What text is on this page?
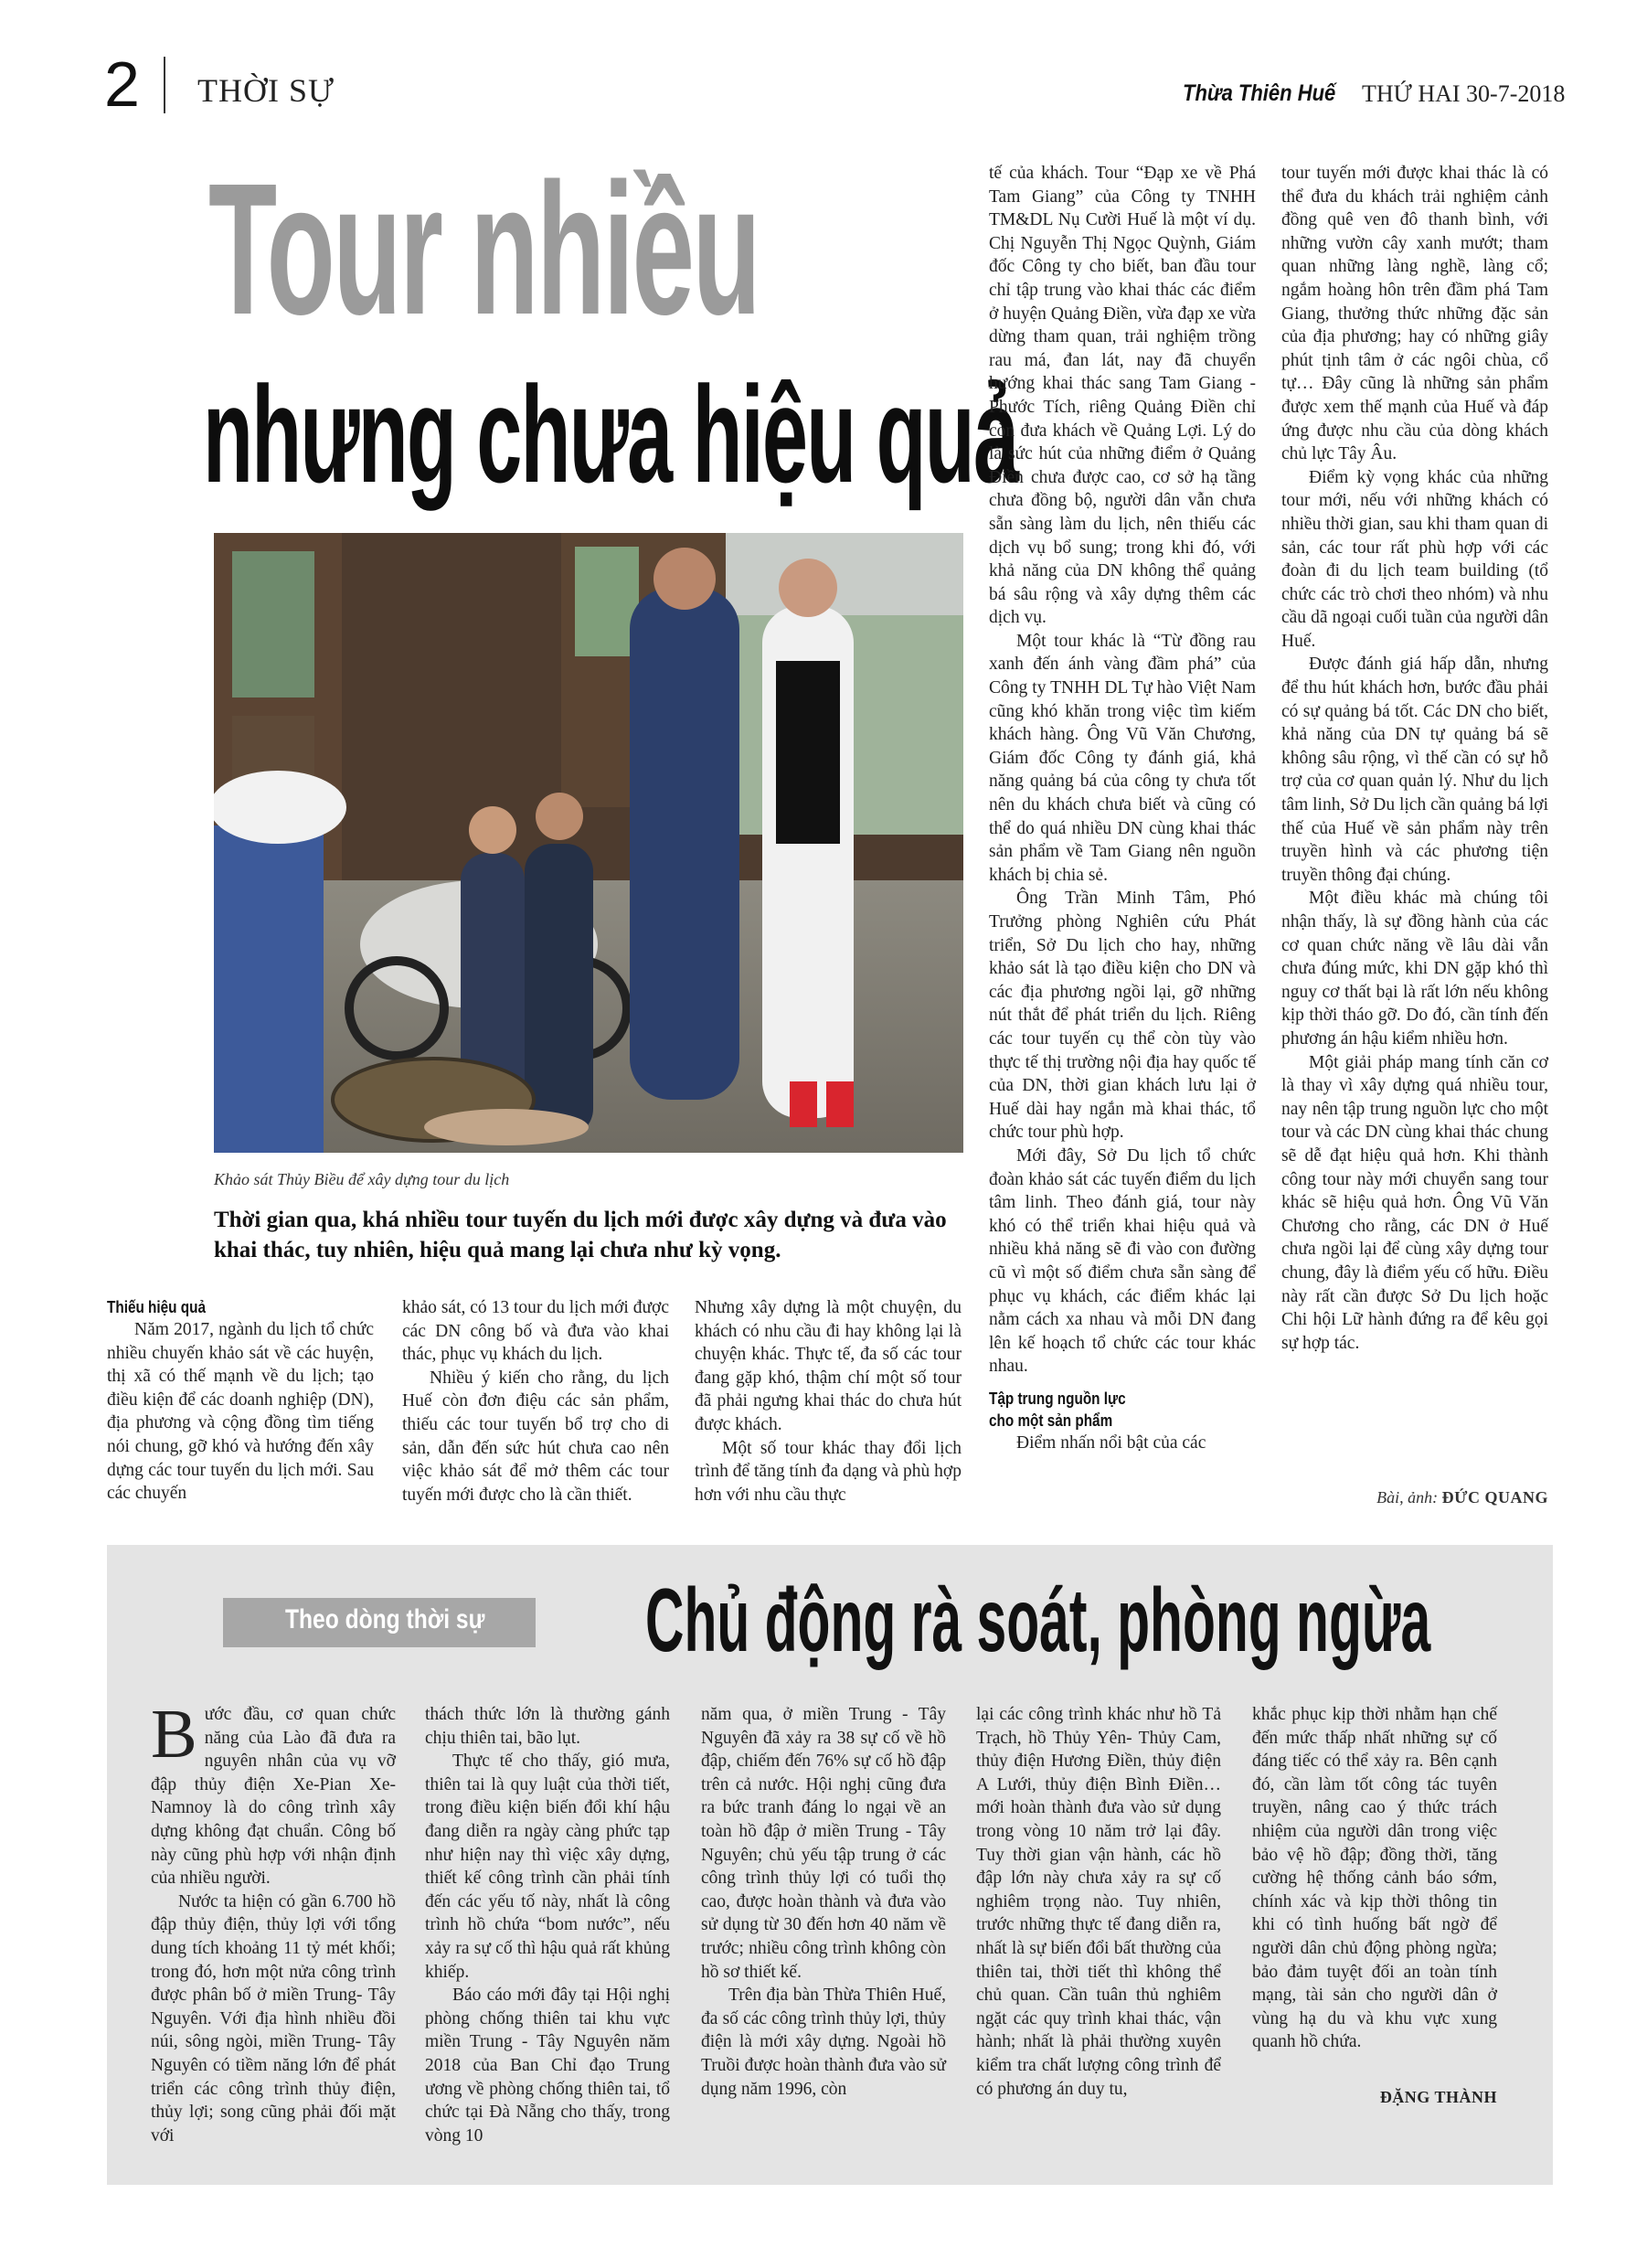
2 THỜI SỰ	Thừa Thiên Huế THỨ HAI 30-7-2018
Tour nhiều
nhưng chưa hiệu quả
Khảo sát Thủy Biều để xây dựng tour du lịch
Thời gian qua, khá nhiều tour tuyến du lịch mới được xây dựng và đưa vào khai thác, tuy nhiên, hiệu quả mang lại chưa như kỳ vọng.
Thiếu hiệu quả

Năm 2017, ngành du lịch tổ chức nhiều chuyến khảo sát về các huyện, thị xã có thế mạnh về du lịch; tạo điều kiện để các doanh nghiệp (DN), địa phương và cộng đồng tìm tiếng nói chung, gỡ khó và hướng đến xây dựng các tour tuyến du lịch mới. Sau các chuyến

khảo sát, có 13 tour du lịch mới được các DN công bố và đưa vào khai thác, phục vụ khách du lịch.

Nhiều ý kiến cho rằng, du lịch Huế còn đơn điệu các sản phẩm, thiếu các tour tuyến bổ trợ cho di sản, dẫn đến sức hút chưa cao nên việc khảo sát để mở thêm các tour tuyến mới được cho là cần thiết.

Nhưng xây dựng là một chuyện, du khách có nhu cầu đi hay không lại là chuyện khác. Thực tế, đa số các tour đang gặp khó, thậm chí một số tour đã phải ngưng khai thác do chưa hút được khách.

Một số tour khác thay đổi lịch trình để tăng tính đa dạng và phù hợp hơn với nhu cầu thực

tế của khách. Tour “Đạp xe về Phá Tam Giang” của Công ty TNHH TM&DL Nụ Cười Huế là một ví dụ. Chị Nguyễn Thị Ngọc Quỳnh, Giám đốc Công ty cho biết, ban đầu tour chỉ tập trung vào khai thác các điểm ở huyện Quảng Điền, vừa đạp xe vừa dừng tham quan, trải nghiệm trồng rau má, đan lát, nay đã chuyển hướng khai thác sang Tam Giang - Phước Tích, riêng Quảng Điền chỉ còn đưa khách về Quảng Lợi. Lý do là sức hút của những điểm ở Quảng Điền chưa được cao, cơ sở hạ tầng chưa đồng bộ, người dân vẫn chưa sẵn sàng làm du lịch, nên thiếu các dịch vụ bổ sung; trong khi đó, với khả năng của DN không thể quảng bá sâu rộng và xây dựng thêm các dịch vụ.

Một tour khác là “Từ đồng rau xanh đến ánh vàng đầm phá” của Công ty TNHH DL Tự hào Việt Nam cũng khó khăn trong việc tìm kiếm khách hàng. Ông Vũ Văn Chương, Giám đốc Công ty đánh giá, khả năng quảng bá của công ty chưa tốt nên du khách chưa biết và cũng có thể do quá nhiều DN cùng khai thác sản phẩm về Tam Giang nên nguồn khách bị chia sẻ.

Ông Trần Minh Tâm, Phó Trưởng phòng Nghiên cứu Phát triển, Sở Du lịch cho hay, những khảo sát là tạo điều kiện cho DN và các địa phương ngồi lại, gỡ những nút thắt để phát triển du lịch. Riêng các tour tuyến cụ thể còn tùy vào thực tế thị trường nội địa hay quốc tế của DN, thời gian khách lưu lại ở Huế dài hay ngắn mà khai thác, tổ chức tour phù hợp.

Mới đây, Sở Du lịch tổ chức đoàn khảo sát các tuyến điểm du lịch tâm linh. Theo đánh giá, tour này khó có thể triển khai hiệu quả và nhiều khả năng sẽ đi vào con đường cũ vì một số điểm chưa sẵn sàng để phục vụ khách, các điểm khác lại nằm cách xa nhau và mỗi DN đang lên kế hoạch tổ chức các tour khác nhau.

Tập trung nguồn lực
cho một sản phẩm

Điểm nhấn nổi bật của các

tour tuyến mới được khai thác là có thể đưa du khách trải nghiệm cảnh đồng quê ven đô thanh bình, với những vườn cây xanh mướt; tham quan những làng nghề, làng cổ; ngắm hoàng hôn trên đầm phá Tam Giang, thưởng thức những đặc sản của địa phương; hay có những giây phút tịnh tâm ở các ngôi chùa, cổ tự… Đây cũng là những sản phẩm được xem thế mạnh của Huế và đáp ứng được nhu cầu của dòng khách chủ lực Tây Âu.

Điểm kỳ vọng khác của những tour mới, nếu với những khách có nhiều thời gian, sau khi tham quan di sản, các tour rất phù hợp với các đoàn đi du lịch team building (tổ chức các trò chơi theo nhóm) và nhu cầu dã ngoại cuối tuần của người dân Huế.

Được đánh giá hấp dẫn, nhưng để thu hút khách hơn, bước đầu phải có sự quảng bá tốt. Các DN cho biết, khả năng của DN tự quảng bá sẽ không sâu rộng, vì thế cần có sự hỗ trợ của cơ quan quản lý. Như du lịch tâm linh, Sở Du lịch cần quảng bá lợi thế của Huế về sản phẩm này trên truyền hình và các phương tiện truyền thông đại chúng.

Một điều khác mà chúng tôi nhận thấy, là sự đồng hành của các cơ quan chức năng về lâu dài vẫn chưa đúng mức, khi DN gặp khó thì nguy cơ thất bại là rất lớn nếu không kịp thời tháo gỡ. Do đó, cần tính đến phương án hậu kiểm nhiều hơn.

Một giải pháp mang tính căn cơ là thay vì xây dựng quá nhiều tour, nay nên tập trung nguồn lực cho một tour và các DN cùng khai thác chung sẽ dễ đạt hiệu quả hơn. Khi thành công tour này mới chuyển sang tour khác sẽ hiệu quả hơn. Ông Vũ Văn Chương cho rằng, các DN ở Huế chưa ngồi lại để cùng xây dựng tour chung, đây là điểm yếu cố hữu. Điều này rất cần được Sở Du lịch hoặc Chi hội Lữ hành đứng ra để kêu gọi sự hợp tác.

Bài, ảnh: ĐỨC QUANG
Theo dòng thời sự Chủ động rà soát, phòng ngừa

Bước đầu, cơ quan chức năng của Lào đã đưa ra nguyên nhân của vụ vỡ đập thủy điện Xe-Pian Xe-Namnoy là do công trình xây dựng không đạt chuẩn. Công bố này cũng phù hợp với nhận định của nhiều người.

Nước ta hiện có gần 6.700 hồ đập thủy điện, thủy lợi với tổng dung tích khoảng 11 tỷ mét khối; trong đó, hơn một nửa công trình được phân bố ở miền Trung- Tây Nguyên. Với địa hình nhiều đồi núi, sông ngòi, miền Trung- Tây Nguyên có tiềm năng lớn để phát triển các công trình thủy điện, thủy lợi; song cũng phải đối mặt với

thách thức lớn là thường gánh chịu thiên tai, bão lụt.

Thực tế cho thấy, gió mưa, thiên tai là quy luật của thời tiết, trong điều kiện biến đổi khí hậu đang diễn ra ngày càng phức tạp như hiện nay thì việc xây dựng, thiết kế công trình cần phải tính đến các yếu tố này, nhất là công trình hồ chứa “bom nước”, nếu xảy ra sự cố thì hậu quả rất khủng khiếp.

Báo cáo mới đây tại Hội nghị phòng chống thiên tai khu vực miền Trung - Tây Nguyên năm 2018 của Ban Chỉ đạo Trung ương về phòng chống thiên tai, tổ chức tại Đà Nẵng cho thấy, trong vòng 10

năm qua, ở miền Trung - Tây Nguyên đã xảy ra 38 sự cố về hồ đập, chiếm đến 76% sự cố hồ đập trên cả nước. Hội nghị cũng đưa ra bức tranh đáng lo ngại về an toàn hồ đập ở miền Trung - Tây Nguyên; chủ yếu tập trung ở các công trình thủy lợi có tuổi thọ cao, được hoàn thành và đưa vào sử dụng từ 30 đến hơn 40 năm về trước; nhiều công trình không còn hồ sơ thiết kế.

Trên địa bàn Thừa Thiên Huế, đa số các công trình thủy lợi, thủy điện là mới xây dựng. Ngoài hồ Truồi được hoàn thành đưa vào sử dụng năm 1996, còn

lại các công trình khác như hồ Tả Trạch, hồ Thủy Yên- Thủy Cam, thủy điện Hương Điền, thủy điện A Lưới, thủy điện Bình Điền… mới hoàn thành đưa vào sử dụng trong vòng 10 năm trở lại đây. Tuy thời gian vận hành, các hồ đập lớn này chưa xảy ra sự cố nghiêm trọng nào. Tuy nhiên, trước những thực tế đang diễn ra, nhất là sự biến đổi bất thường của thiên tai, thời tiết thì không thể chủ quan. Cần tuân thủ nghiêm ngặt các quy trình khai thác, vận hành; nhất là phải thường xuyên kiểm tra chất lượng công trình để có phương án duy tu,

khắc phục kịp thời nhằm hạn chế đến mức thấp nhất những sự cố đáng tiếc có thể xảy ra. Bên cạnh đó, cần làm tốt công tác tuyên truyền, nâng cao ý thức trách nhiệm của người dân trong việc bảo vệ hồ đập; đồng thời, tăng cường hệ thống cảnh báo sớm, chính xác và kịp thời thông tin khi có tình huống bất ngờ để người dân chủ động phòng ngừa; bảo đảm tuyệt đối an toàn tính mạng, tài sản cho người dân ở vùng hạ du và khu vực xung quanh hồ chứa.

ĐẶNG THÀNH
